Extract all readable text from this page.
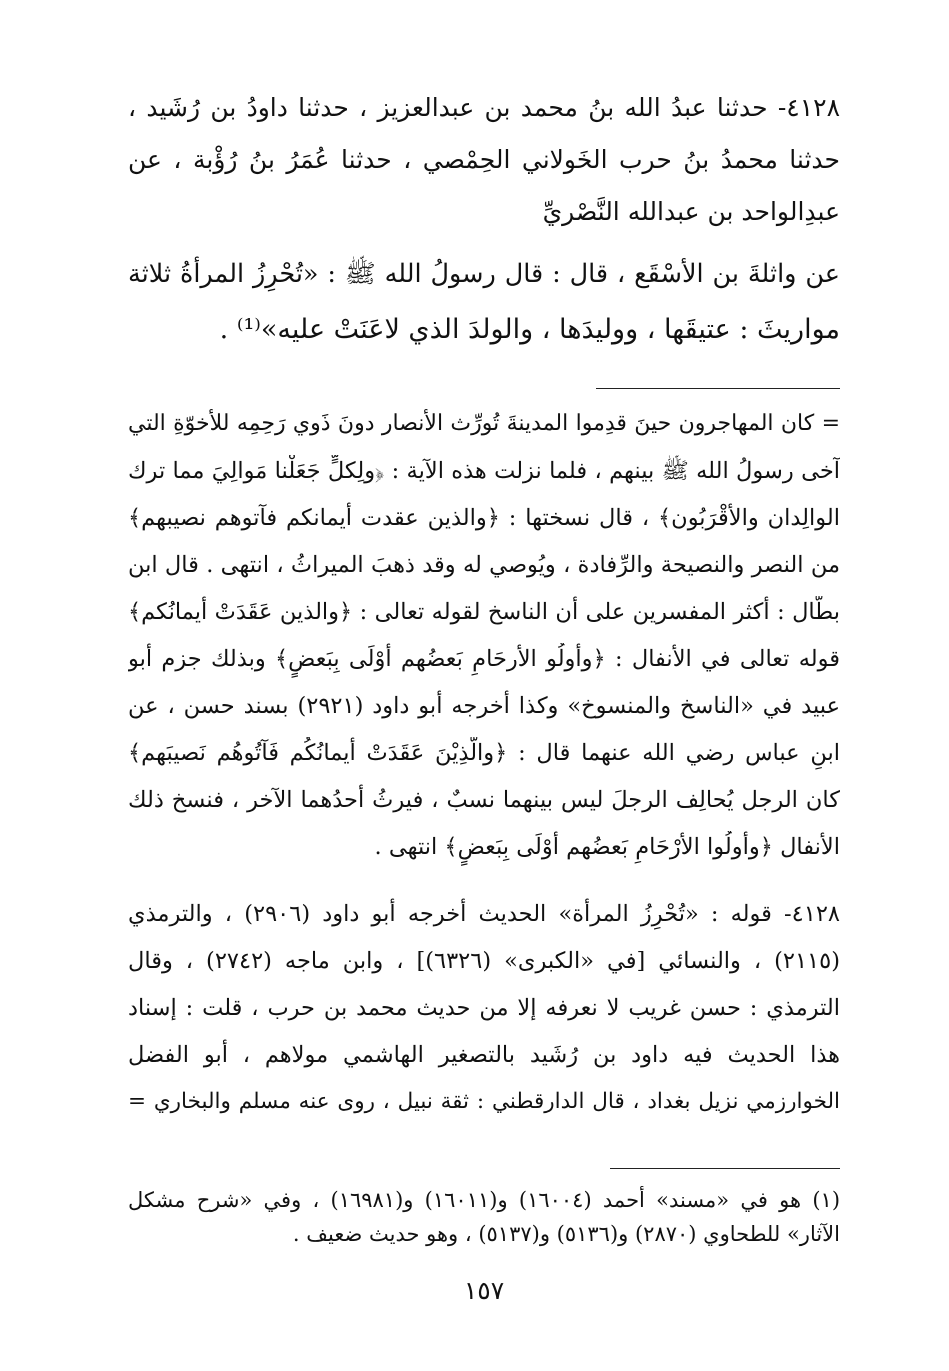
٤١٢٨- حدثنا عبدُ الله بنُ محمد بن عبدالعزيز ، حدثنا داودُ بن رُشَيد ،
حدثنا محمدُ بنُ حرب الخَولاني الحِمْصي ، حدثنا عُمَرُ بنُ رُؤْبة ، عن
عبدِالواحد بن عبدالله النَّصْريِّ
عن واثلةَ بن الأسْقَع ، قال : قال رسولُ الله ﷺ : «تُحْرِزُ المرأةُ ثلاثة
مواريثَ : عتيقَها ، ووليدَها ، والولدَ الذي لاعَنَتْ عليه»⁽¹⁾ .
= كان المهاجرون حينَ قدِموا المدينةَ تُورِّث الأنصار دونَ ذَوي رَحِمِه للأُخوّةِ التي
آخى رسولُ الله ﷺ بينهم ، فلما نزلت هذه الآية : ﴿ولِكلٍّ جَعَلْنا مَوالِيَ مما ترك
الوالِدان والأقْرَبُون﴾ ، قال نسختها : ﴿والذين عقدت أيمانكم فآتوهم نصيبهم﴾
من النصر والنصيحة والرِّفادة ، ويُوصي له وقد ذهبَ الميراثُ ، انتهى . قال ابن
بطّال : أكثر المفسرين على أن الناسخ لقوله تعالى : ﴿والذين عَقَدَتْ أيمانُكم﴾
قوله تعالى في الأنفال : ﴿وأُولُو الأرحَامِ بَعضُهم أَوْلَى بِبَعضٍ﴾ وبذلك جزم أبو
عبيد في «الناسخ والمنسوخ» وكذا أخرجه أبو داود (٢٩٢١) بسند حسن ، عن
ابنِ عباس رضي الله عنهما قال : ﴿والَّذِيْنَ عَقَدَتْ أَيمانُكُم فَآتُوهُم نَصيبَهم﴾
كان الرجل يُحالِف الرجلَ ليس بينهما نسبٌ ، فيرثُ أحدُهما الآخر ، فنسخ ذلك
الأنفال ﴿وأُولُوا الأرْحَامِ بَعضُهم أَوْلَى بِبَعضٍ﴾ انتهى .
٤١٢٨- قوله : «تُحْرِزُ المرأة» الحديث أخرجه أبو داود (٢٩٠٦) ، والترمذي
(٢١١٥) ، والنسائي [في «الكبرى» (٦٣٢٦)] ، وابن ماجه (٢٧٤٢) ، وقال
الترمذي : حسن غريب لا نعرفه إلا من حديث محمد بن حرب ، قلت : إسناد
هذا الحديث فيه داود بن رُشَيد بالتصغير الهاشمي مولاهم ، أبو الفضل
الخوارزمي نزيل بغداد ، قال الدارقطني : ثقة نبيل ، روى عنه مسلم والبخاري =
(١) هو في «مسند» أحمد (١٦٠٠٤) و(١٦٠١١) و(١٦٩٨١) ، وفي «شرح مشكل
الآثار» للطحاوي (٢٨٧٠) و(٥١٣٦) و(٥١٣٧) ، وهو حديث ضعيف .
١٥٧
